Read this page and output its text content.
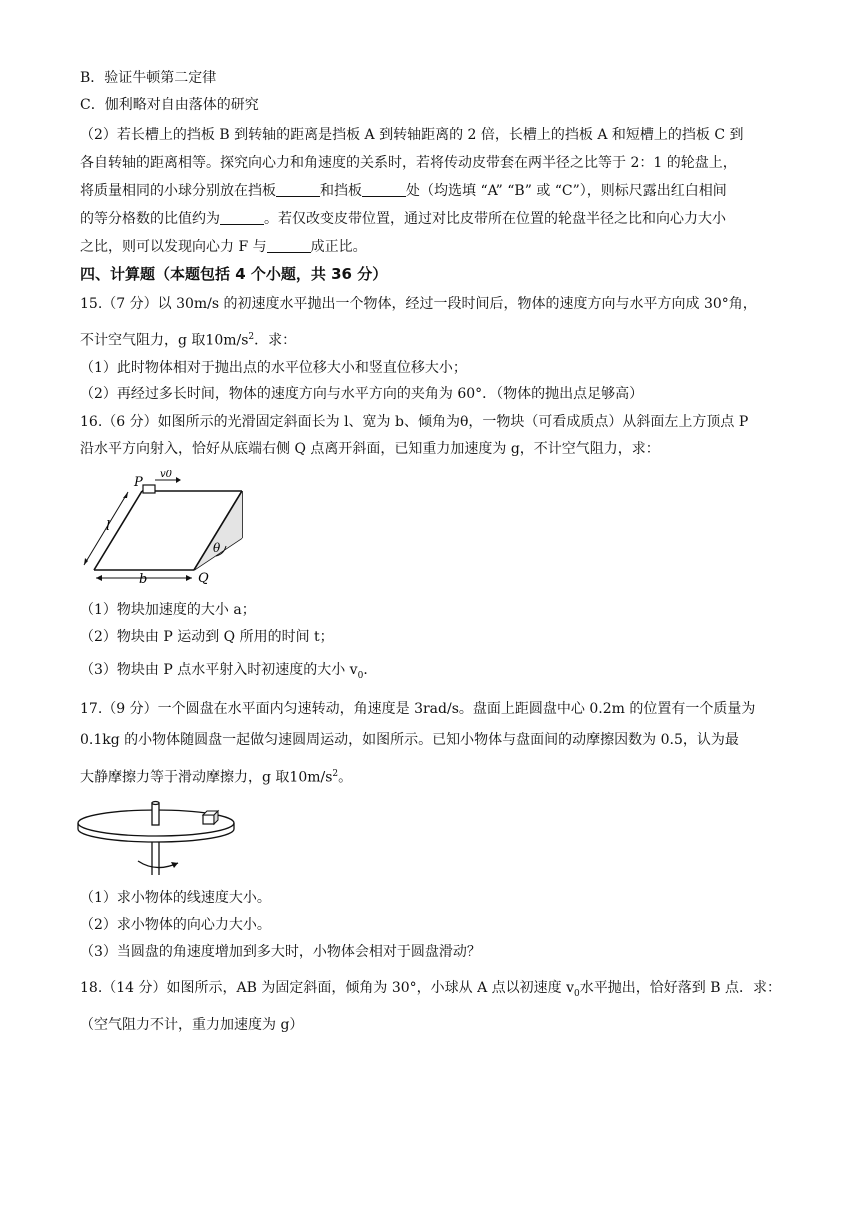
B．验证牛顿第二定律
C．伽利略对自由落体的研究
（2）若长槽上的挡板 B 到转轴的距离是挡板 A 到转轴距离的 2 倍，长槽上的挡板 A 和短槽上的挡板 C 到
各自转轴的距离相等。探究向心力和角速度的关系时，若将传动皮带套在两半径之比等于 2：1 的轮盘上，
将质量相同的小球分别放在挡板	和挡板	处（均选填 “A” “B” 或 “C”），则标尺露出红白相间
的等分格数的比值约为	。若仅改变皮带位置，通过对比皮带所在位置的轮盘半径之比和向心力大小
之比，则可以发现向心力 F 与	成正比。
四、计算题（本题包括 4 个小题，共 36 分）
15.（7 分）以 30m/s 的初速度水平抛出一个物体，经过一段时间后，物体的速度方向与水平方向成 30°角，
不计空气阻力，g 取$10m/s^2$．求：
（1）此时物体相对于抛出点的水平位移大小和竖直位移大小；
（2）再经过多长时间，物体的速度方向与水平方向的夹角为 60°．（物体的抛出点足够高）
16.（6 分）如图所示的光滑固定斜面长为 l、宽为 b、倾角为θ，一物块（可看成质点）从斜面左上方顶点 P
沿水平方向射入，恰好从底端右侧 Q 点离开斜面，已知重力加速度为 g，不计空气阻力，求：
P
v0
l
θ
b	Q
（1）物块加速度的大小 a；
（2）物块由 P 运动到 Q 所用的时间 t；
（3）物块由 P 点水平射入时初速度的大小 $v_0$．
17.（9 分）一个圆盘在水平面内匀速转动，角速度是 3rad/s。盘面上距圆盘中心 0.2m 的位置有一个质量为
0.1kg 的小物体随圆盘一起做匀速圆周运动，如图所示。已知小物体与盘面间的动摩擦因数为 0.5，认为最
大静摩擦力等于滑动摩擦力，g 取$10m/s^2$。
（1）求小物体的线速度大小。
（2）求小物体的向心力大小。
（3）当圆盘的角速度增加到多大时，小物体会相对于圆盘滑动？
18.（14 分）如图所示，AB 为固定斜面，倾角为 30°，小球从 A 点以初速度 $v_0$水平抛出，恰好落到 B 点．求：
（空气阻力不计，重力加速度为 g）
